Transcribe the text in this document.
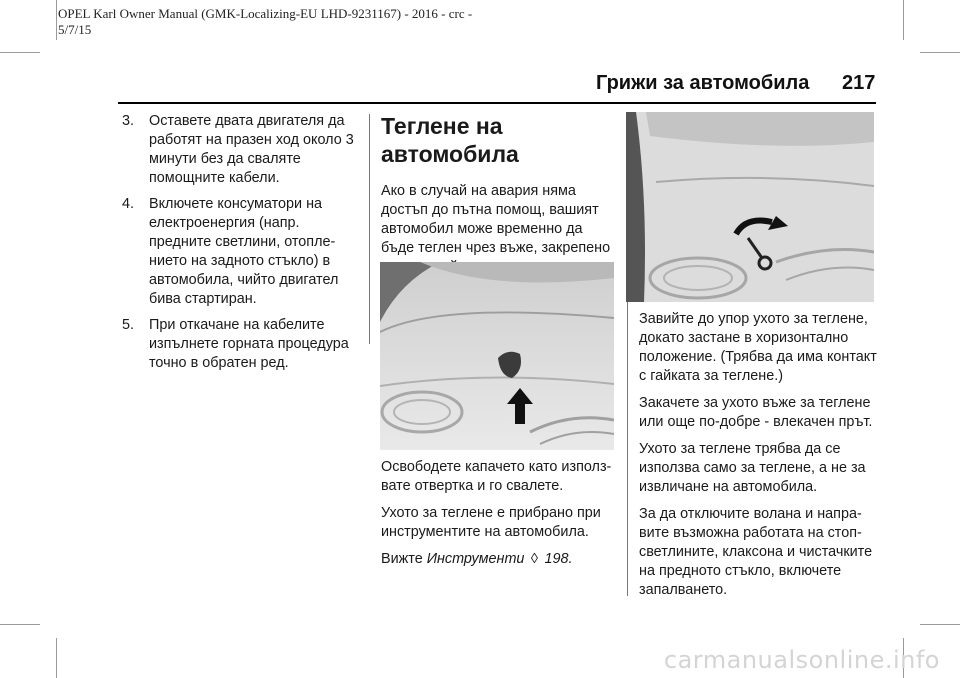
OPEL Karl Owner Manual (GMK-Localizing-EU LHD-9231167) - 2016 - crc -
5/7/15
Грижи за автомобила 217
3. Оставете двата двигателя да работят на празен ход около 3 минути без да сваляте помощните кабели.
4. Включете консуматори на електроенергия (напр. предните светлини, отопле-нието на задното стъкло) в автомобила, чийто двигател бива стартиран.
5. При откачане на кабелите изпълнете горната процедура точно в обратен ред.
Теглене на автомобила

Ако в случай на авария няма достъп до пътна помощ, вашият автомобил може временно да бъде теглен чрез въже, закрепено

Освободете капачето като използ-вате отвертка и го свалете.

Ухото за теглене е прибрано при инструментите на автомобила.

Вижте Инструменти ◊ 198.

Завийте до упор ухото за теглене, докато застане в хоризонтално положение. (Трябва да има контакт с гайката за теглене.)

Закачете за ухото въже за теглене или още по-добре - влекачен прът.

Ухото за теглене трябва да се използва само за теглене, а не за извличане на автомобила.

За да отключите волана и напра-вите възможна работата на стоп-светлините, клаксона и чистачките на предното стъкло, включете запалването.

carmanualsonline.info
